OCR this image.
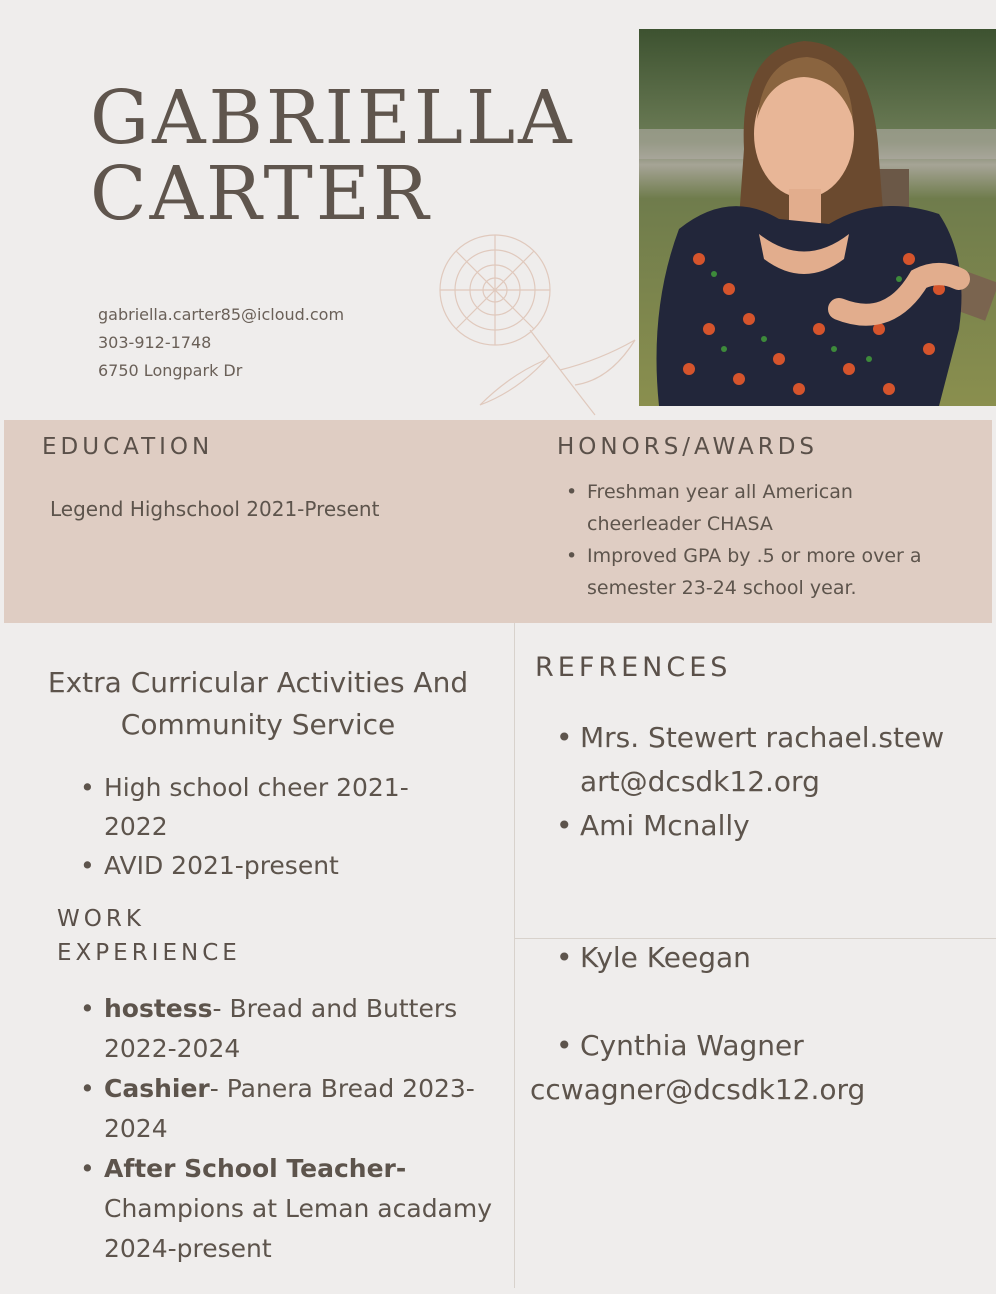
GABRIELLA
CARTER
gabriella.carter85@icloud.com
303-912-1748
6750 Longpark Dr
EDUCATION
Legend Highschool 2021-Present
HONORS/AWARDS
• Freshman year all American cheerleader CHASA
• Improved GPA by .5 or more over a semester 23-24 school year.
Extra Curricular Activities And
Community Service
• High school cheer 2021-2022
• AVID 2021-present
WORK
EXPERIENCE
• hostess- Bread and Butters 2022-2024
• Cashier- Panera Bread 2023-2024
• After School Teacher- Champions at Leman acadamy 2024-present
REFRENCES
• Mrs. Stewert rachael.stewart@dcsdk12.org
• Ami Mcnally
• Kyle Keegan
• Cynthia Wagner
ccwagner@dcsdk12.org
